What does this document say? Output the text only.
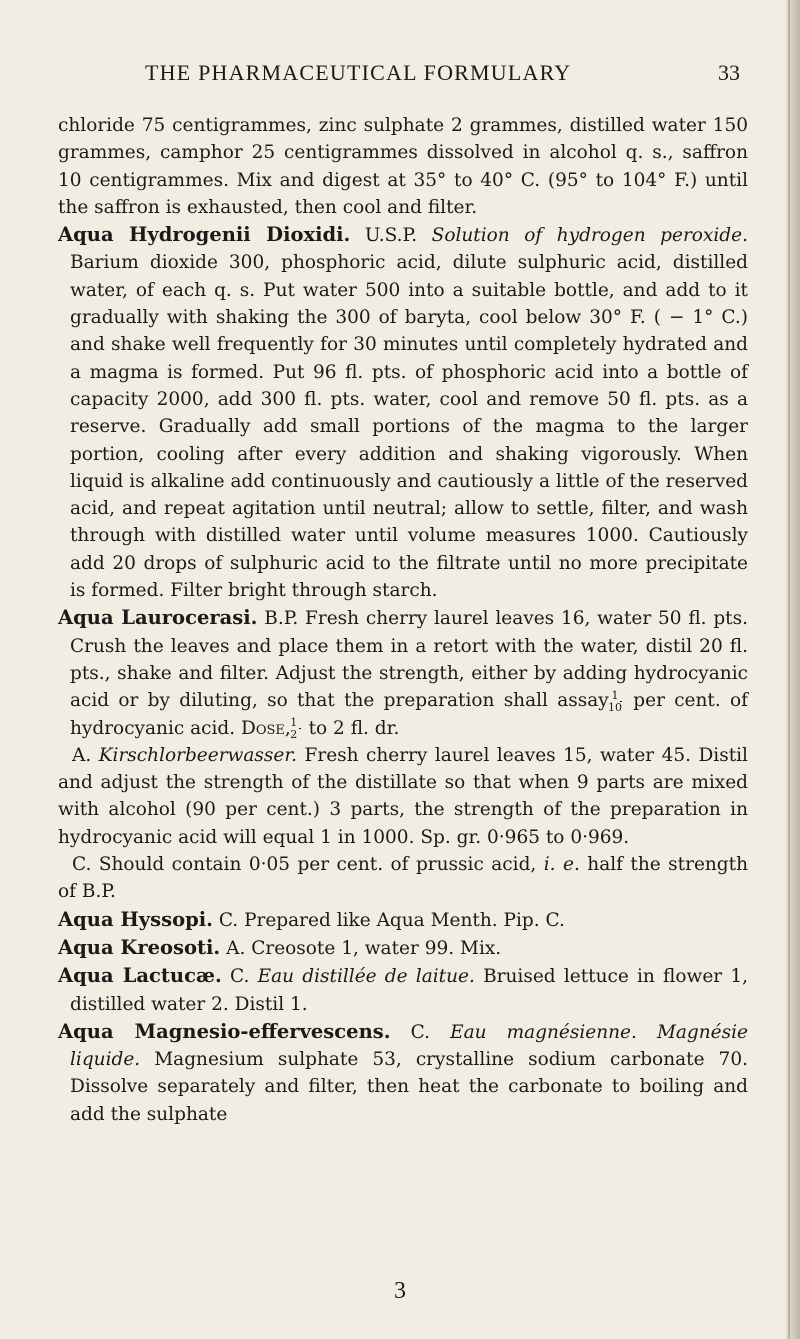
THE PHARMACEUTICAL FORMULARY	33

chloride 75 centigrammes, zinc sulphate 2 grammes, distilled water 150 grammes, camphor 25 centigrammes dissolved in alcohol q. s., saffron 10 centigrammes. Mix and digest at 35° to 40° C. (95° to 104° F.) until the saffron is exhausted, then cool and filter.

Aqua Hydrogenii Dioxidi. U.S.P. Solution of hydrogen peroxide. Barium dioxide 300, phosphoric acid, dilute sulphuric acid, distilled water, of each q. s. Put water 500 into a suitable bottle, and add to it gradually with shaking the 300 of baryta, cool below 30° F. ( − 1° C.) and shake well frequently for 30 minutes until completely hydrated and a magma is formed. Put 96 fl. pts. of phosphoric acid into a bottle of capacity 2000, add 300 fl. pts. water, cool and remove 50 fl. pts. as a reserve. Gradually add small portions of the magma to the larger portion, cooling after every addition and shaking vigorously. When liquid is alkaline add continuously and cautiously a little of the reserved acid, and repeat agitation until neutral; allow to settle, filter, and wash through with distilled water until volume measures 1000. Cautiously add 20 drops of sulphuric acid to the filtrate until no more precipitate is formed. Filter bright through starch.

Aqua Laurocerasi. B.P. Fresh cherry laurel leaves 16, water 50 fl. pts. Crush the leaves and place them in a retort with the water, distil 20 fl. pts., shake and filter. Adjust the strength, either by adding hydrocyanic acid or by diluting, so that the preparation shall assay $\frac{1}{10}$ per cent. of hydrocyanic acid. Dose, $\frac{1}{2}$ to 2 fl. dr.

A. Kirschlorbeerwasser. Fresh cherry laurel leaves 15, water 45. Distil and adjust the strength of the distillate so that when 9 parts are mixed with alcohol (90 per cent.) 3 parts, the strength of the preparation in hydrocyanic acid will equal 1 in 1000. Sp. gr. 0·965 to 0·969.

C. Should contain 0·05 per cent. of prussic acid, i. e. half the strength of B.P.

Aqua Hyssopi. C. Prepared like Aqua Menth. Pip. C.

Aqua Kreosoti. A. Creosote 1, water 99. Mix.

Aqua Lactucæ. C. Eau distillée de laitue. Bruised lettuce in flower 1, distilled water 2. Distil 1.

Aqua Magnesio-effervescens. C. Eau magnésienne. Magnésie liquide. Magnesium sulphate 53, crystalline sodium carbonate 70. Dissolve separately and filter, then heat the carbonate to boiling and add the sulphate

3
